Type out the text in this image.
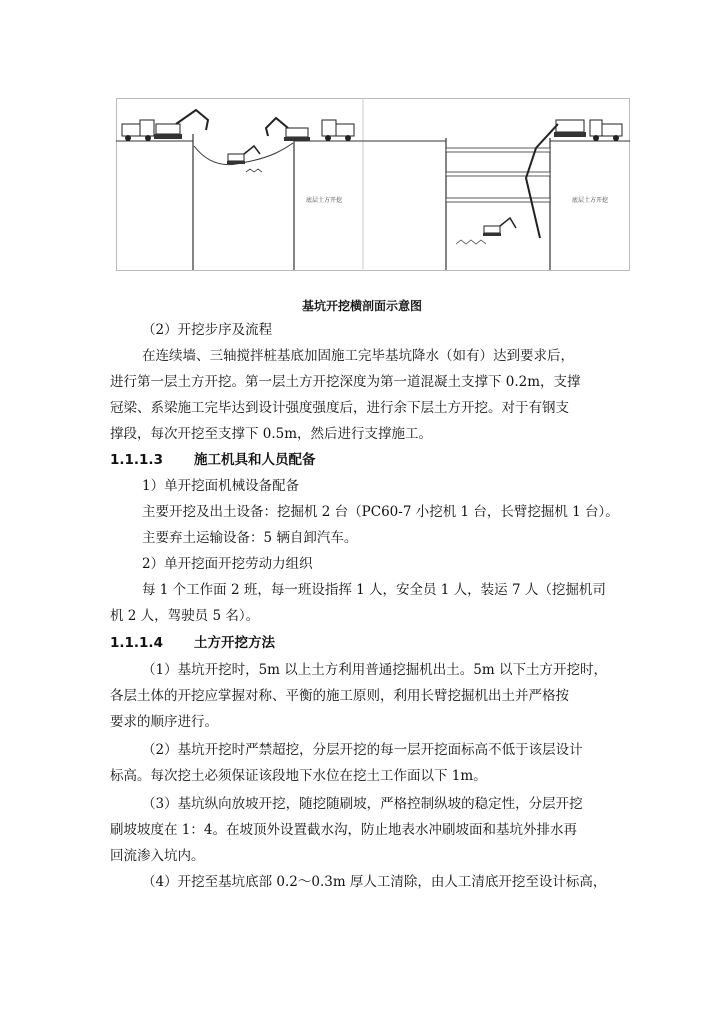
底层土方开挖	底层土方开挖
基坑开挖横剖面示意图
（2）开挖步序及流程
在连续墙、三轴搅拌桩基底加固施工完毕基坑降水（如有）达到要求后，
进行第一层土方开挖。第一层土方开挖深度为第一道混凝土支撑下 0.2m，支撑
冠梁、系梁施工完毕达到设计强度强度后，进行余下层土方开挖。对于有钢支
撑段，每次开挖至支撑下 0.5m，然后进行支撑施工。
1.1.1.3 施工机具和人员配备
1）单开挖面机械设备配备
主要开挖及出土设备：挖掘机 2 台（PC60-7 小挖机 1 台，长臂挖掘机 1 台）。
主要弃土运输设备：5 辆自卸汽车。
2）单开挖面开挖劳动力组织
每 1 个工作面 2 班，每一班设指挥 1 人，安全员 1 人，装运 7 人（挖掘机司
机 2 人，驾驶员 5 名）。
1.1.1.4 土方开挖方法
（1）基坑开挖时，5m 以上土方利用普通挖掘机出土。5m 以下土方开挖时，
各层土体的开挖应掌握对称、平衡的施工原则，利用长臂挖掘机出土并严格按
要求的顺序进行。
（2）基坑开挖时严禁超挖，分层开挖的每一层开挖面标高不低于该层设计
标高。每次挖土必须保证该段地下水位在挖土工作面以下 1m。
（3）基坑纵向放坡开挖，随挖随刷坡，严格控制纵坡的稳定性，分层开挖
刷坡坡度在 1：4。在坡顶外设置截水沟，防止地表水冲刷坡面和基坑外排水再
回流渗入坑内。
（4）开挖至基坑底部 0.2～0.3m 厚人工清除，由人工清底开挖至设计标高，
